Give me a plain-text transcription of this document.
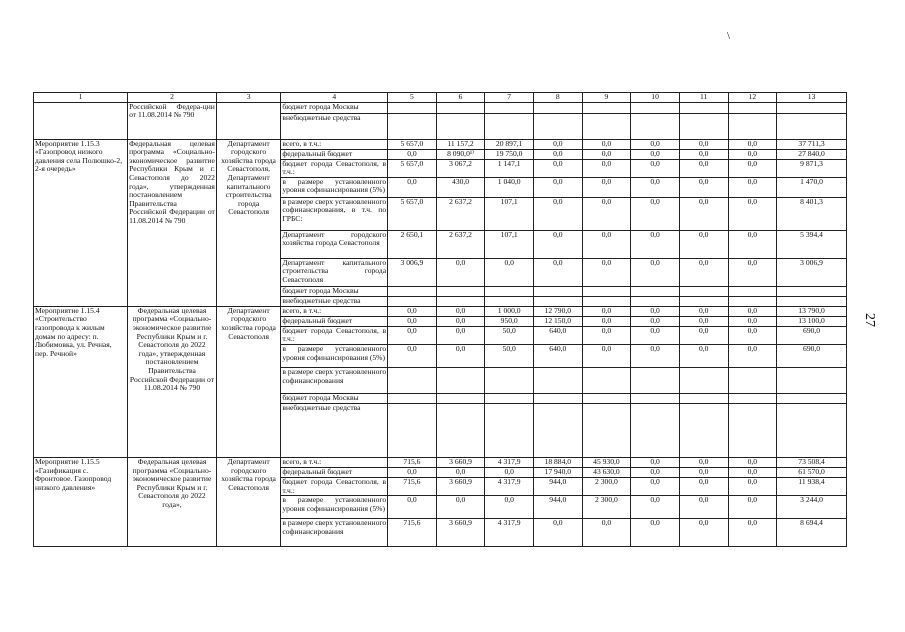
\
27
1	2	3	4	5	6	7	8	9	10	11	12	13
	Российской Федера-ции от 11.08.2014 № 790		бюджет города Москвы									
			внебюджетные средства									
Мероприятие 1.15.3 «Газопровод низкого давления села Полюшко-2, 2-я очередь»	Федеральная целевая программа «Социально-экономическое развитие Республики Крым и г. Севастополя до 2022 года», утвержденная постановлением Правительства Российской Федерации от 11.08.2014 № 790	Департамент городского хозяйства города Севастополя, Департамент капитального строительства города Севастополя	всего, в т.ч.:	5 657,0	11 157,2	20 897,1	0,0	0,0	0,0	0,0	0,0	37 711,3
			федеральный бюджет	0,0	8 090,0¹⁾	19 750,0	0,0	0,0	0,0	0,0	0,0	27 840,0
			бюджет города Севастополя, в т.ч.:	5 657,0	3 067,2	1 147,1	0,0	0,0	0,0	0,0	0,0	9 871,3
			в размере установленного уровня софинансирования (5%)	0,0	430,0	1 040,0	0,0	0,0	0,0	0,0	0,0	1 470,0
			в размере сверх установленного софинансирования, в т.ч. по ГРБС:	5 657,0	2 637,2	107,1	0,0	0,0	0,0	0,0	0,0	8 401,3
			Департамент городского хозяйства города Севастополя	2 650,1	2 637,2	107,1	0,0	0,0	0,0	0,0	0,0	5 394,4
			Департамент капитального строительства города Севастополя	3 006,9	0,0	0,0	0,0	0,0	0,0	0,0	0,0	3 006,9
			бюджет города Москвы									
			внебюджетные средства									
Мероприятие 1.15.4 «Строительство газопровода к жилым домам по адресу: п. Любимовка, ул. Речная, пер. Речной»	Федеральная целевая программа «Социально-экономическое развитие Республики Крым и г. Севастополя до 2022 года», утвержденная постановлением Правительства Российской Федерации от 11.08.2014 № 790	Департамент городского хозяйства города Севастополя	всего, в т.ч.:	0,0	0,0	1 000,0	12 790,0	0,0	0,0	0,0	0,0	13 790,0
			федеральный бюджет	0,0	0,0	950,0	12 150,0	0,0	0,0	0,0	0,0	13 100,0
			бюджет города Севастополя, в т.ч.:	0,0	0,0	50,0	640,0	0,0	0,0	0,0	0,0	690,0
			в размере установленного уровня софинансирования (5%)	0,0	0,0	50,0	640,0	0,0	0,0	0,0	0,0	690,0
			в размере сверх установленного софинансирования									
			бюджет города Москвы									
			внебюджетные средства									
Мероприятие 1.15.5 «Газификация с. Фронтовое. Газопровод низкого давления»	Федеральная целевая программа «Социально-экономическое развитие Республики Крым и г. Севастополя до 2022 года»,	Департамент городского хозяйства города Севастополя	всего, в т.ч.:	715,6	3 660,9	4 317,9	18 884,0	45 930,0	0,0	0,0	0,0	73 508,4
			федеральный бюджет	0,0	0,0	0,0	17 940,0	43 630,0	0,0	0,0	0,0	61 570,0
			бюджет города Севастополя, в т.ч.:	715,6	3 660,9	4 317,9	944,0	2 300,0	0,0	0,0	0,0	11 938,4
			в размере установленного уровня софинансирования (5%)	0,0	0,0	0,0	944,0	2 300,0	0,0	0,0	0,0	3 244,0
			в размере сверх установленного софинансирования	715,6	3 660,9	4 317,9	0,0	0,0	0,0	0,0	0,0	8 694,4
